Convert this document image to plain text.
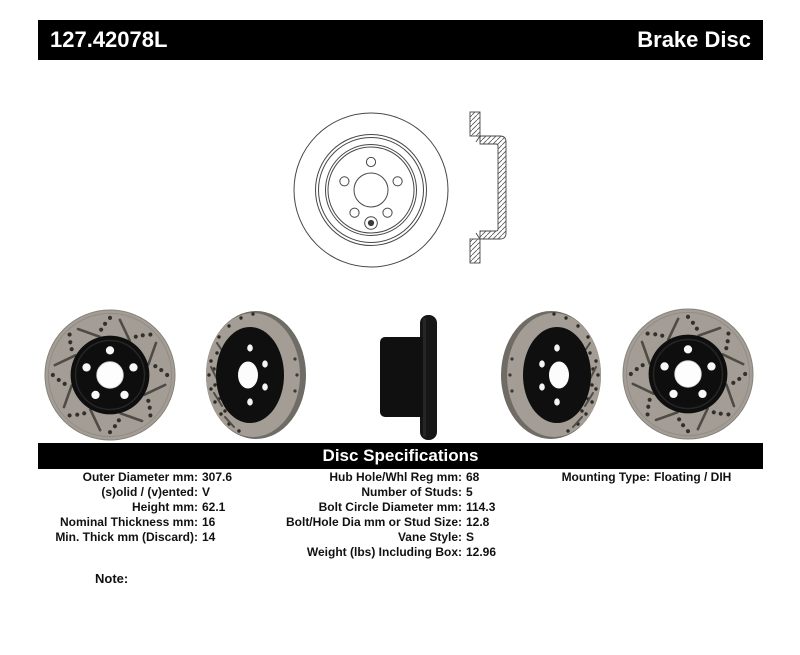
127.42078L	Brake Disc
Disc Specifications
Outer Diameter mm: 307.6
(s)olid / (v)ented: V
Height mm: 62.1
Nominal Thickness mm: 16
Min. Thick mm (Discard): 14
Hub Hole/Whl Reg mm: 68
Number of Studs: 5
Bolt Circle Diameter mm: 114.3
Bolt/Hole Dia mm or Stud Size: 12.8
Vane Style: S
Weight (lbs) Including Box: 12.96
Mounting Type: Floating / DIH
Note:
